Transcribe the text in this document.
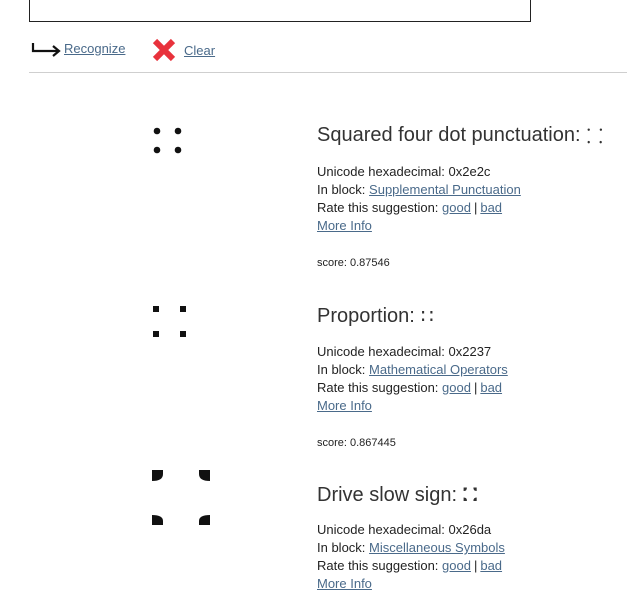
Recognize	Clear
Squared four dot punctuation: ⸬
Unicode hexadecimal: 0x2e2c
In block: Supplemental Punctuation
Rate this suggestion: good | bad
More Info
score: 0.87546
Proportion: ∷
Unicode hexadecimal: 0x2237
In block: Mathematical Operators
Rate this suggestion: good | bad
More Info
score: 0.867445
Drive slow sign: ⛚
Unicode hexadecimal: 0x26da
In block: Miscellaneous Symbols
Rate this suggestion: good | bad
More Info
